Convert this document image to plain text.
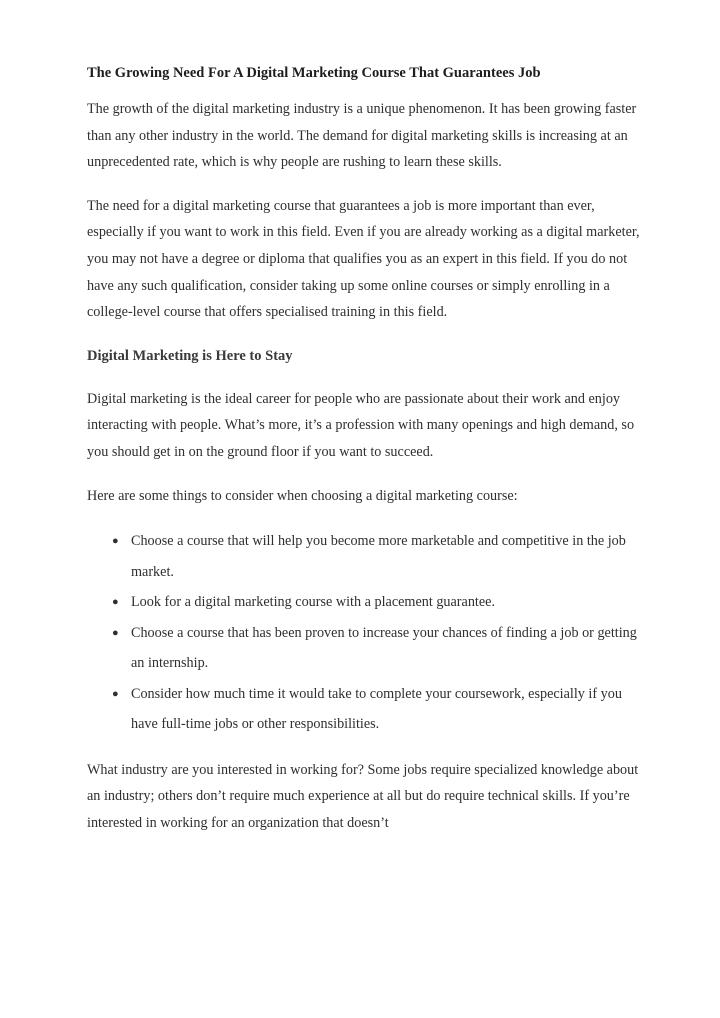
The Growing Need For A Digital Marketing Course That Guarantees Job

The growth of the digital marketing industry is a unique phenomenon. It has been growing faster than any other industry in the world. The demand for digital marketing skills is increasing at an unprecedented rate, which is why people are rushing to learn these skills.

The need for a digital marketing course that guarantees a job is more important than ever, especially if you want to work in this field. Even if you are already working as a digital marketer, you may not have a degree or diploma that qualifies you as an expert in this field. If you do not have any such qualification, consider taking up some online courses or simply enrolling in a college-level course that offers specialised training in this field.

Digital Marketing is Here to Stay

Digital marketing is the ideal career for people who are passionate about their work and enjoy interacting with people. What’s more, it’s a profession with many openings and high demand, so you should get in on the ground floor if you want to succeed.

Here are some things to consider when choosing a digital marketing course:

● Choose a course that will help you become more marketable and competitive in the job market.
● Look for a digital marketing course with a placement guarantee.
● Choose a course that has been proven to increase your chances of finding a job or getting an internship.
● Consider how much time it would take to complete your coursework, especially if you have full-time jobs or other responsibilities.

What industry are you interested in working for? Some jobs require specialized knowledge about an industry; others don’t require much experience at all but do require technical skills. If you’re interested in working for an organization that doesn’t
